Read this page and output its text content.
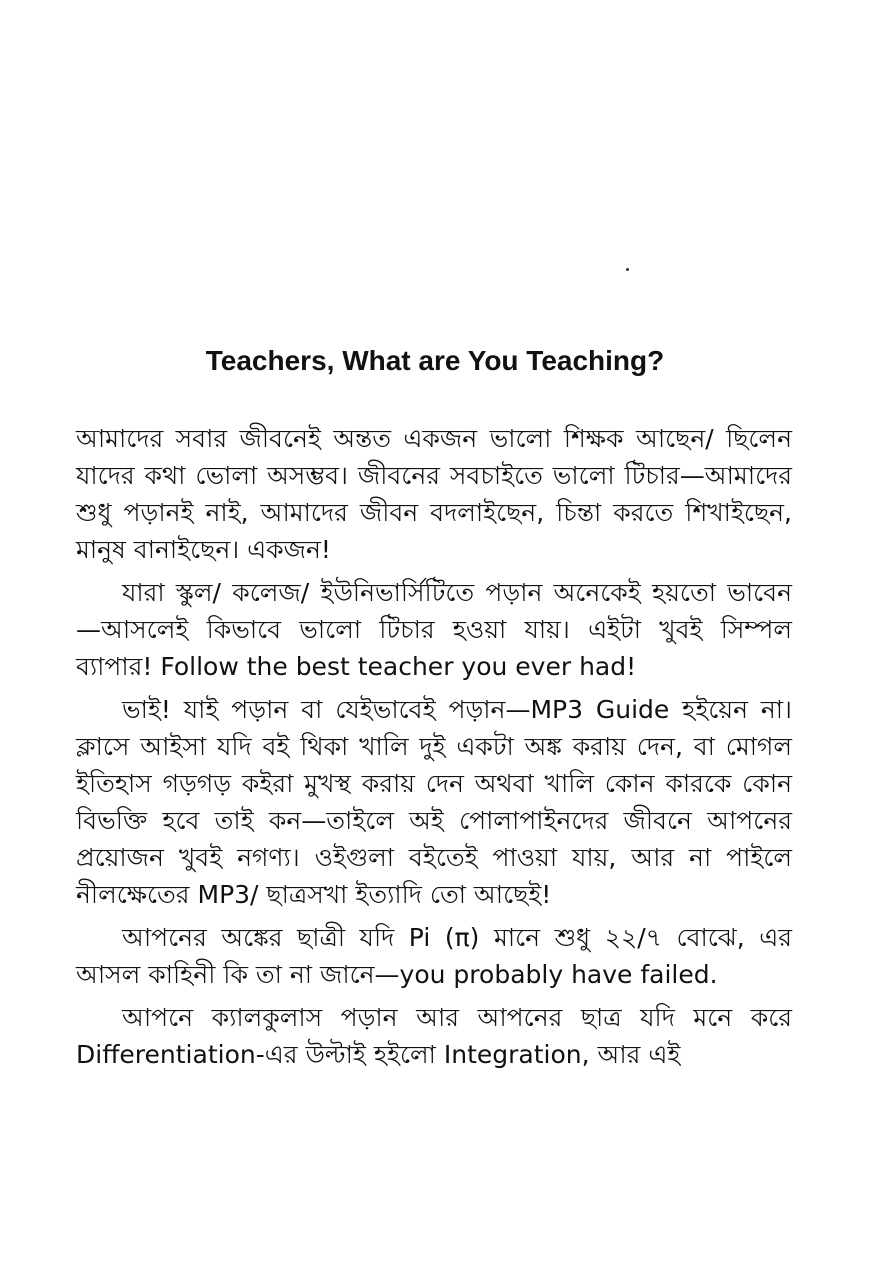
Teachers, What are You Teaching?

আমাদের সবার জীবনেই অন্তত একজন ভালো শিক্ষক আছেন/ ছিলেন যাদের কথা ভোলা অসম্ভব। জীবনের সবচাইতে ভালো টিচার—আমাদের শুধু পড়ানই নাই, আমাদের জীবন বদলাইছেন, চিন্তা করতে শিখাইছেন, মানুষ বানাইছেন। একজন!

যারা স্কুল/ কলেজ/ ইউনিভার্সিটিতে পড়ান অনেকেই হয়তো ভাবেন—আসলেই কিভাবে ভালো টিচার হওয়া যায়। এইটা খুবই সিম্পল ব্যাপার! Follow the best teacher you ever had!

ভাই! যাই পড়ান বা যেইভাবেই পড়ান—MP3 Guide হইয়েন না। ক্লাসে আইসা যদি বই থিকা খালি দুই একটা অঙ্ক করায় দেন, বা মোগল ইতিহাস গড়গড় কইরা মুখস্থ করায় দেন অথবা খালি কোন কারকে কোন বিভক্তি হবে তাই কন—তাইলে অই পোলাপাইনদের জীবনে আপনের প্রয়োজন খুবই নগণ্য। ওইগুলা বইতেই পাওয়া যায়, আর না পাইলে নীলক্ষেতের MP3/ ছাত্রসখা ইত্যাদি তো আছেই!

আপনের অঙ্কের ছাত্রী যদি Pi (π) মানে শুধু ২২/৭ বোঝে, এর আসল কাহিনী কি তা না জানে—you probably have failed.

আপনে ক্যালকুলাস পড়ান আর আপনের ছাত্র যদি মনে করে Differentiation-এর উল্টাই হইলো Integration, আর এই
